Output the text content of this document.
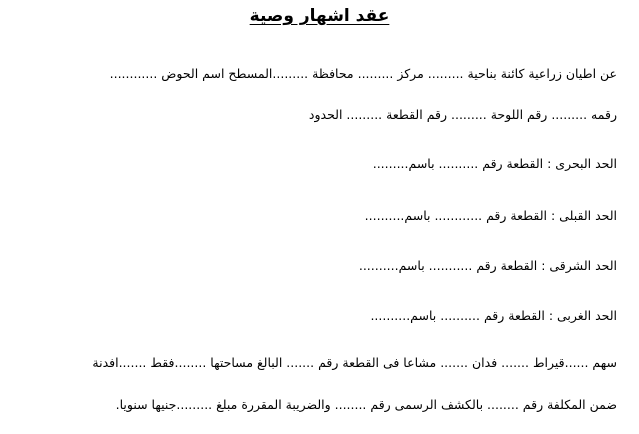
عقد اشهار وصية
عن اطيان زراعية كائنة بناحية ......... مركز ......... محافظة .........المسطح اسم الحوض ............
رقمه ......... رقم اللوحة ......... رقم القطعة ......... الحدود
الحد البحرى : القطعة رقم .......... باسم.........
الحد القبلى : القطعة رقم ............ باسم..........
الحد الشرقى : القطعة رقم ........... باسم..........
الحد الغربى : القطعة رقم .......... باسم..........
سهم ......قيراط ....... فدان ....... مشاعا فى القطعة رقم ....... البالغ مساحتها ........فقط .......افدنة
ضمن المكلفة رقم ........ بالكشف الرسمى رقم ........ والضريبة المقررة مبلغ .........جنيها سنويا.
